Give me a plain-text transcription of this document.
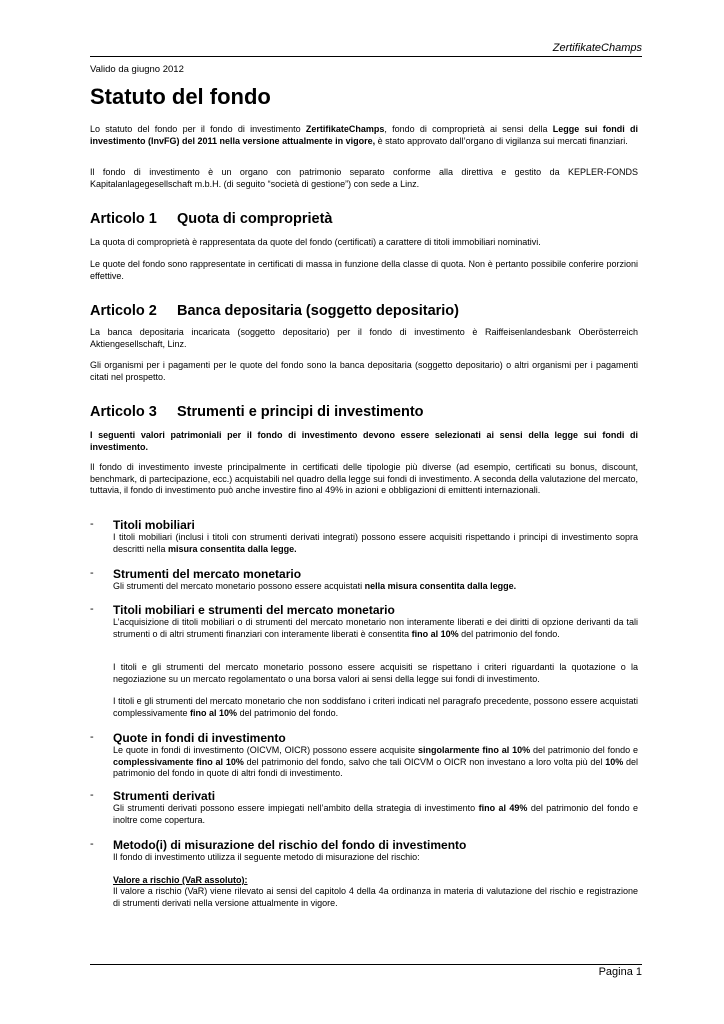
ZertifikateChamps
Valido da giugno 2012
Statuto del fondo
Lo statuto del fondo per il fondo di investimento ZertifikateChamps, fondo di comproprietà ai sensi della Legge sui fondi di investimento (InvFG) del 2011 nella versione attualmente in vigore, è stato approvato dall’organo di vigilanza sui mercati finanziari.
Il fondo di investimento è un organo con patrimonio separato conforme alla direttiva e gestito da KEPLER-FONDS Kapitalanlagegesellschaft m.b.H. (di seguito “società di gestione”) con sede a Linz.
Articolo 1 Quota di comproprietà
La quota di comproprietà è rappresentata da quote del fondo (certificati) a carattere di titoli immobiliari nominativi.
Le quote del fondo sono rappresentate in certificati di massa in funzione della classe di quota. Non è pertanto possibile conferire porzioni effettive.
Articolo 2 Banca depositaria (soggetto depositario)
La banca depositaria incaricata (soggetto depositario) per il fondo di investimento è Raiffeisenlandesbank Oberösterreich Aktiengesellschaft, Linz.
Gli organismi per i pagamenti per le quote del fondo sono la banca depositaria (soggetto depositario) o altri organismi per i pagamenti citati nel prospetto.
Articolo 3 Strumenti e principi di investimento
I seguenti valori patrimoniali per il fondo di investimento devono essere selezionati ai sensi della legge sui fondi di investimento.
Il fondo di investimento investe principalmente in certificati delle tipologie più diverse (ad esempio, certificati su bonus, discount, benchmark, di partecipazione, ecc.) acquistabili nel quadro della legge sui fondi di investimento. A seconda della valutazione del mercato, tuttavia, il fondo di investimento può anche investire fino al 49% in azioni e obbligazioni di emittenti internazionali.
- Titoli mobiliari
I titoli mobiliari (inclusi i titoli con strumenti derivati integrati) possono essere acquisiti rispettando i principi di investimento sopra descritti nella misura consentita dalla legge.
- Strumenti del mercato monetario
Gli strumenti del mercato monetario possono essere acquistati nella misura consentita dalla legge.
- Titoli mobiliari e strumenti del mercato monetario
L’acquisizione di titoli mobiliari o di strumenti del mercato monetario non interamente liberati e dei diritti di opzione derivanti da tali strumenti o di altri strumenti finanziari con interamente liberati è consentita fino al 10% del patrimonio del fondo.
I titoli e gli strumenti del mercato monetario possono essere acquisiti se rispettano i criteri riguardanti la quotazione o la negoziazione su un mercato regolamentato o una borsa valori ai sensi della legge sui fondi di investimento.
I titoli e gli strumenti del mercato monetario che non soddisfano i criteri indicati nel paragrafo precedente, possono essere acquistati complessivamente fino al 10% del patrimonio del fondo.
- Quote in fondi di investimento
Le quote in fondi di investimento (OICVM, OICR) possono essere acquisite singolarmente fino al 10% del patrimonio del fondo e complessivamente fino al 10% del patrimonio del fondo, salvo che tali OICVM o OICR non investano a loro volta più del 10% del patrimonio del fondo in quote di altri fondi di investimento.
- Strumenti derivati
Gli strumenti derivati possono essere impiegati nell’ambito della strategia di investimento fino al 49% del patrimonio del fondo e inoltre come copertura.
- Metodo(i) di misurazione del rischio del fondo di investimento
Il fondo di investimento utilizza il seguente metodo di misurazione del rischio:
Valore a rischio (VaR assoluto):
Il valore a rischio (VaR) viene rilevato ai sensi del capitolo 4 della 4a ordinanza in materia di valutazione del rischio e registrazione di strumenti derivati nella versione attualmente in vigore.
Pagina 1
